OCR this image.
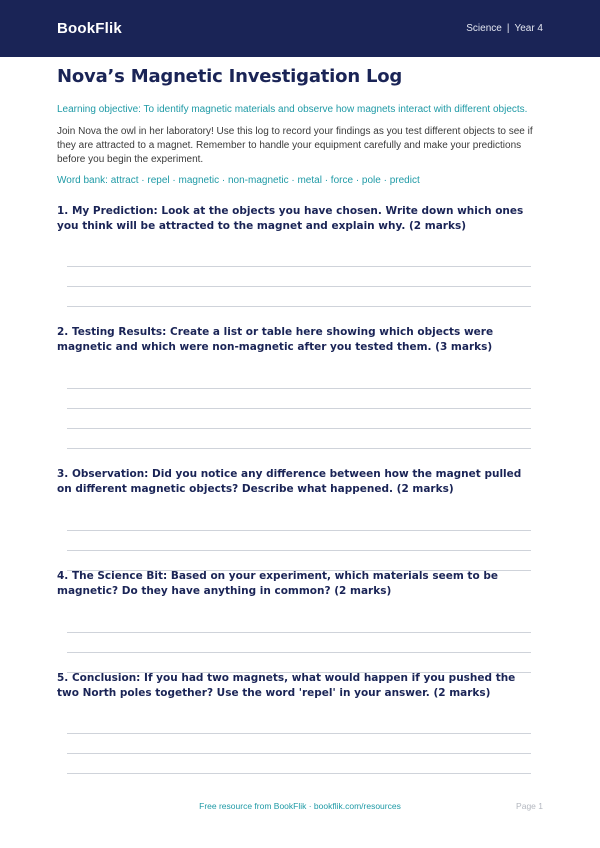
BookFlik	Science | Year 4
Nova’s Magnetic Investigation Log
Learning objective: To identify magnetic materials and observe how magnets interact with different objects.
Join Nova the owl in her laboratory! Use this log to record your findings as you test different objects to see if they are attracted to a magnet. Remember to handle your equipment carefully and make your predictions before you begin the experiment.
Word bank: attract · repel · magnetic · non-magnetic · metal · force · pole · predict
1. My Prediction: Look at the objects you have chosen. Write down which ones you think will be attracted to the magnet and explain why. (2 marks)
2. Testing Results: Create a list or table here showing which objects were magnetic and which were non-magnetic after you tested them. (3 marks)
3. Observation: Did you notice any difference between how the magnet pulled on different magnetic objects? Describe what happened. (2 marks)
4. The Science Bit: Based on your experiment, which materials seem to be magnetic? Do they have anything in common? (2 marks)
5. Conclusion: If you had two magnets, what would happen if you pushed the two North poles together? Use the word 'repel' in your answer. (2 marks)
Free resource from BookFlik · bookflik.com/resources	Page 1
